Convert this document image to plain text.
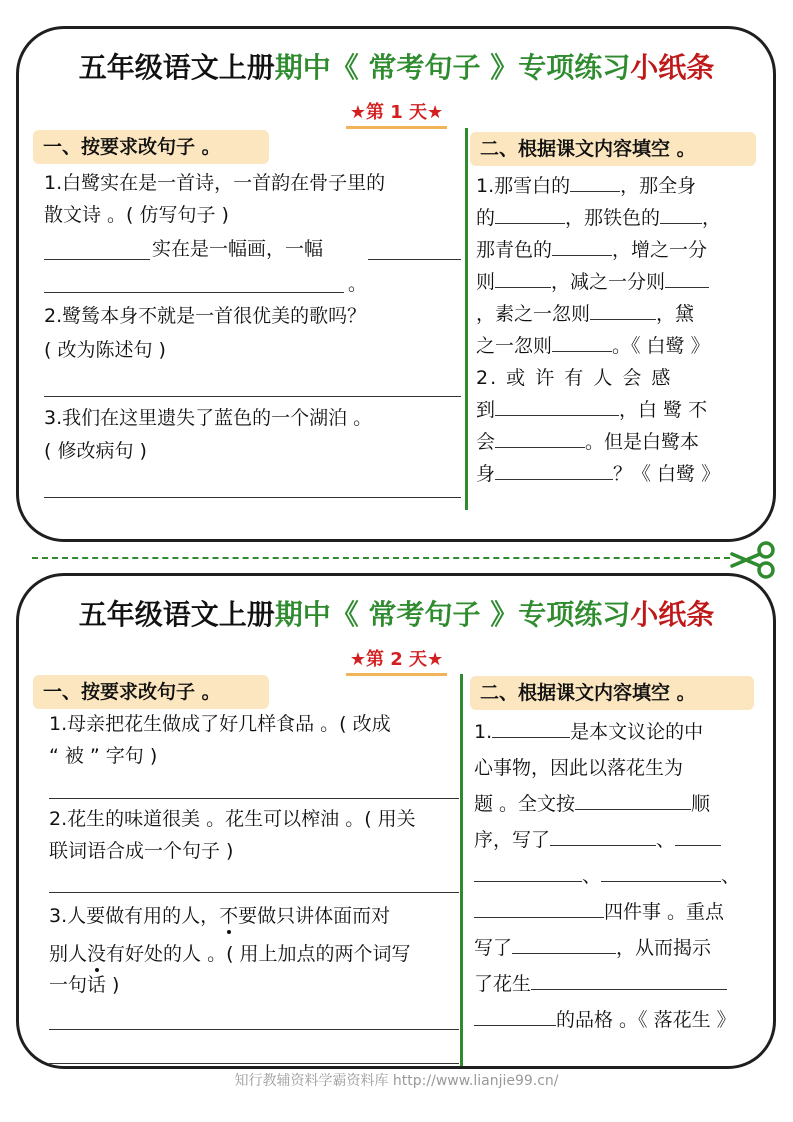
五年级语文上册期中《 常考句子 》专项练习小纸条
★第 1 天★
一、按要求改句子 。	二、根据课文内容填空 。
1.白鹭实在是一首诗，一首韵在骨子里的
散文诗 。( 仿写句子 )
实在是一幅画，一幅
。
2.鹭鸶本身不就是一首很优美的歌吗？
( 改为陈述句 )
3.我们在这里遗失了蓝色的一个湖泊 。
( 修改病句 )
1.那雪白的	，那全身
的	，那铁色的 ，
那青色的	，增之一分
则	，减之一分则
，素之一忽则	，黛
之一忽则	。《 白鹭 》
2. 或 许 有 人 会 感
到	，白 鹭 不
会	。但是白鹭本
身	？《 白鹭 》
五年级语文上册期中《 常考句子 》专项练习小纸条
★第 2 天★
一、按要求改句子 。	二、根据课文内容填空 。
1.母亲把花生做成了好几样食品 。( 改成
“ 被 ” 字句 )
2.花生的味道很美 。花生可以榨油 。( 用关
联词语合成一个句子 )
3.人要做有用的人，不要做只讲体面而对
别人没有好处的人 。( 用上加点的两个词写
一句话 )
1.	是本文议论的中
心事物，因此以落花生为
题 。全文按	顺
序，写了	、
、	、
四件事 。重点
写了	，从而揭示
了花生
的品格 。《 落花生 》
知行教辅资料学霸资料库 http://www.lianjie99.cn/
